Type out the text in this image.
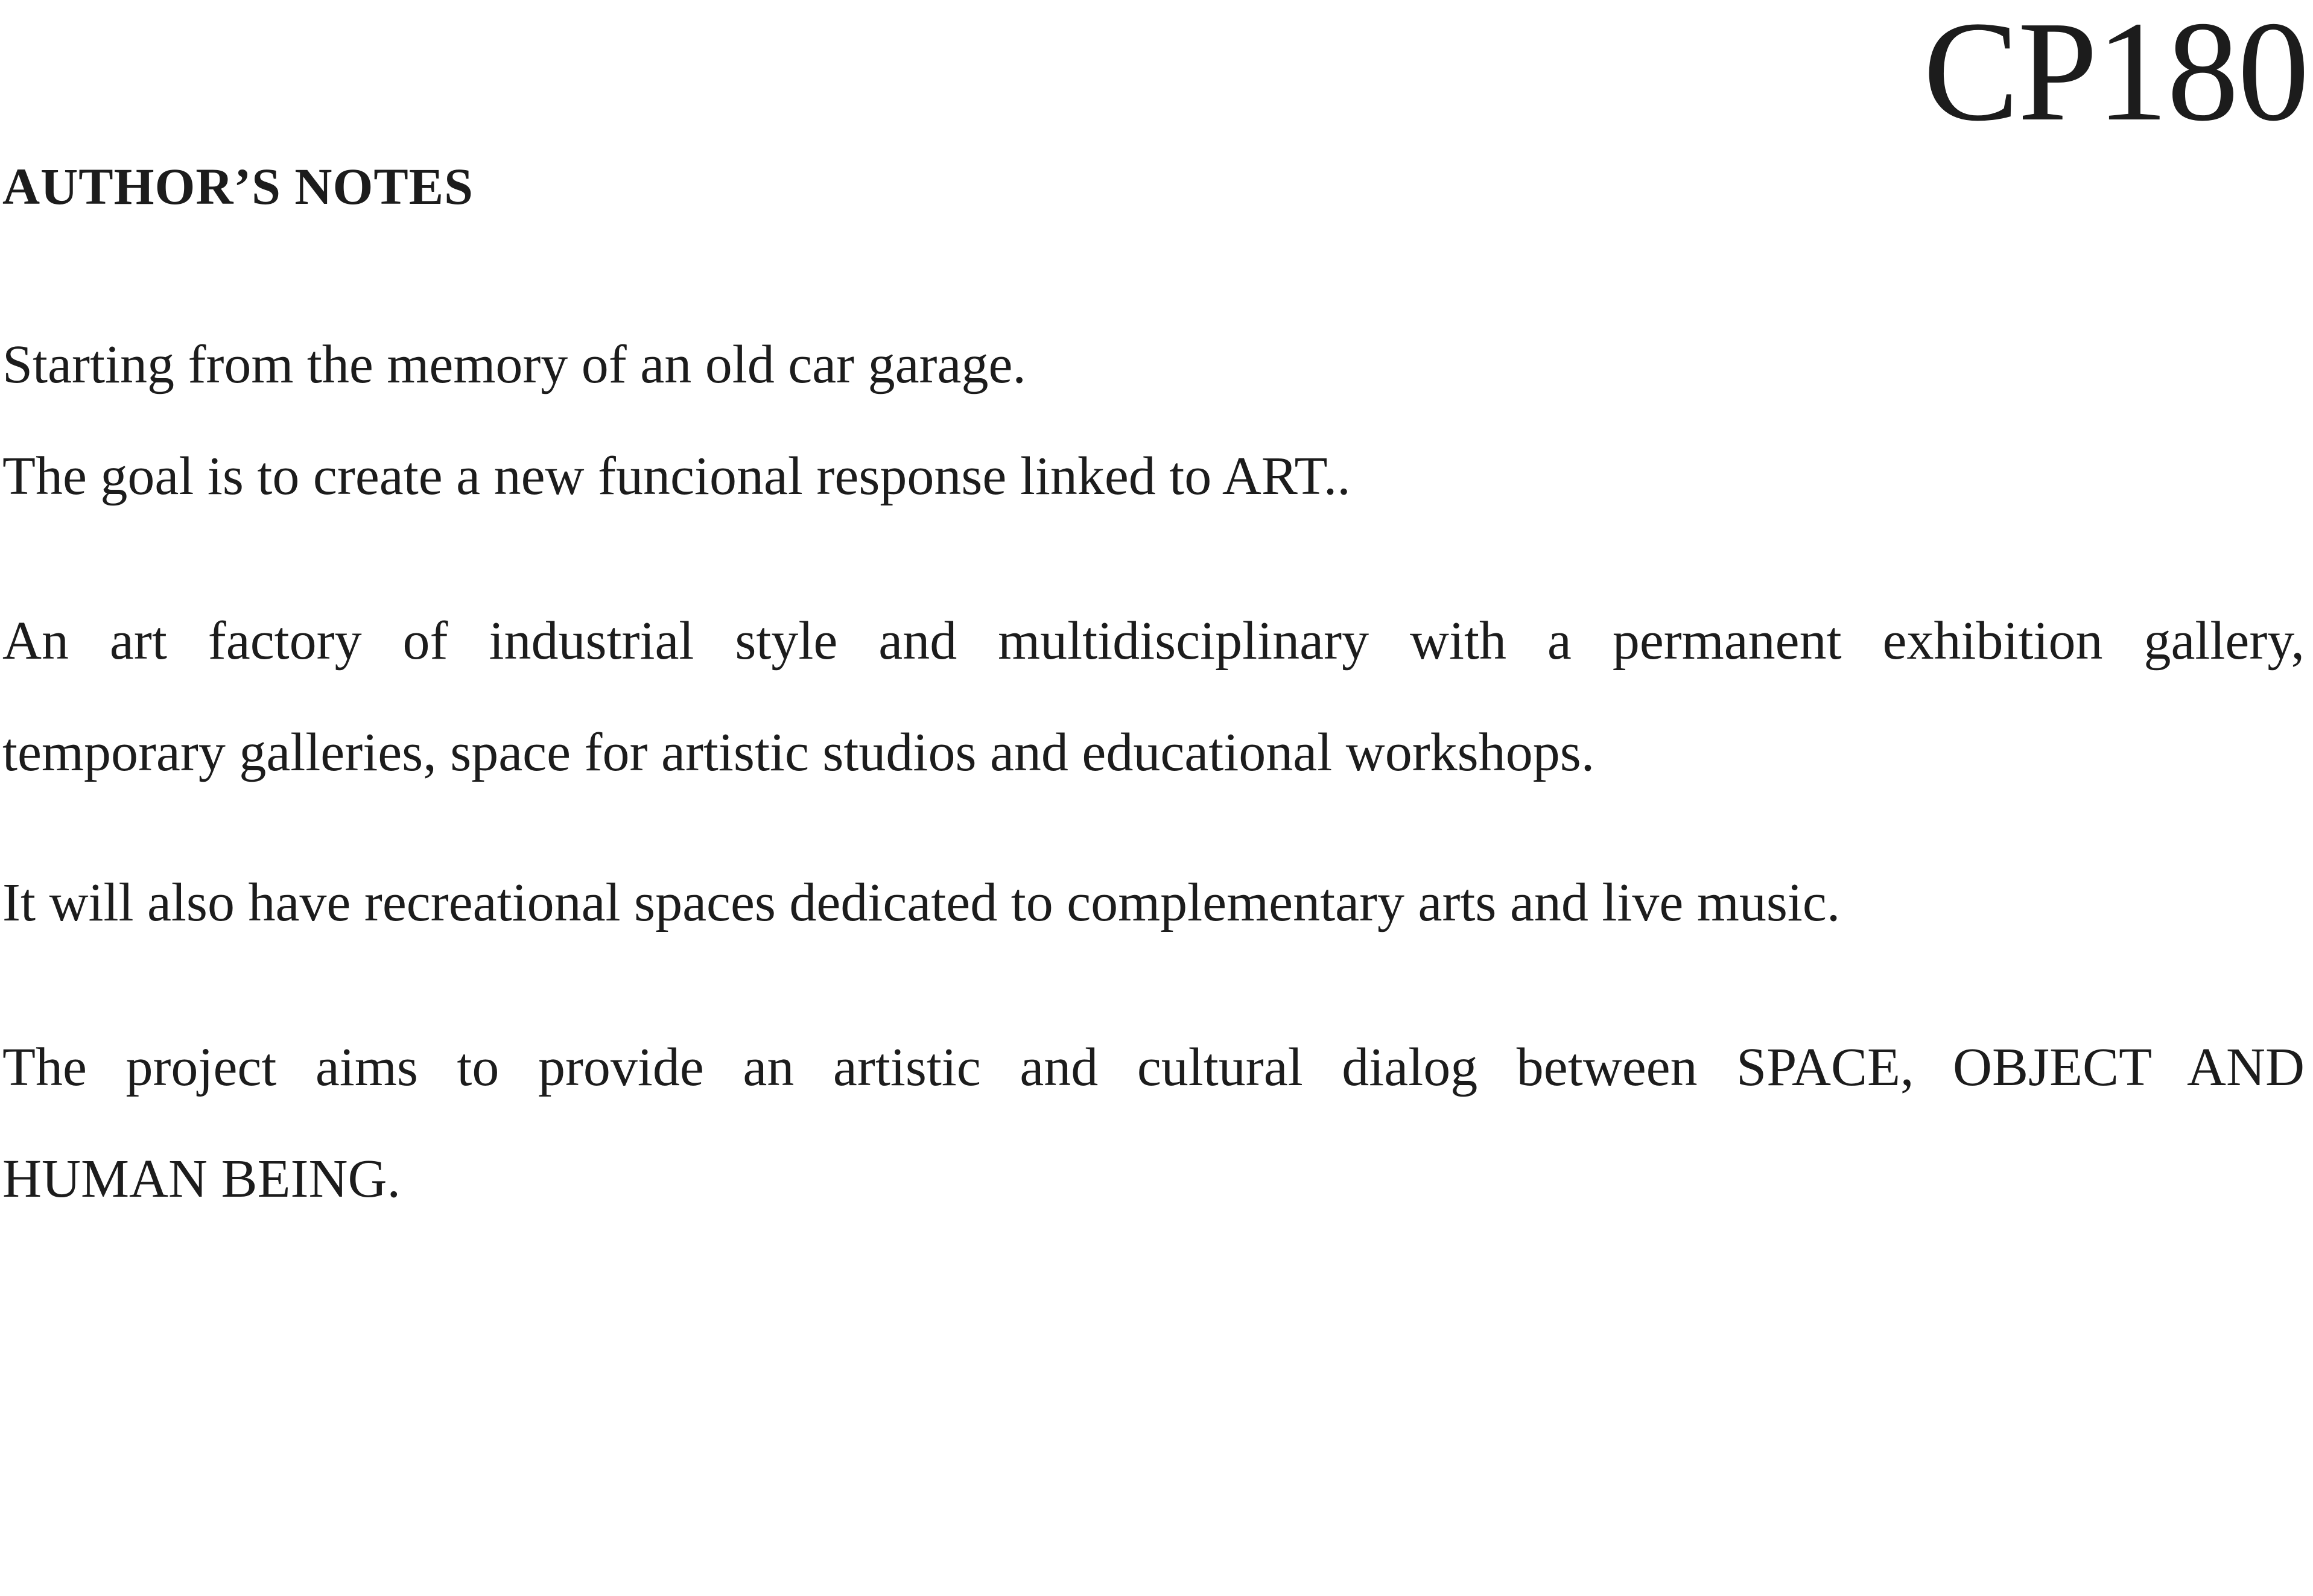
CP180
AUTHOR’S NOTES

Starting from the memory of an old car garage.

The goal is to create a new funcional response linked to ART..

An art factory of industrial style and multidisciplinary with a permanent exhibition gallery,

temporary galleries, space for artistic studios and educational workshops.

It will also have recreational spaces dedicated to complementary arts and live music.

The project aims to provide an artistic and cultural dialog between SPACE, OBJECT AND

HUMAN BEING.
